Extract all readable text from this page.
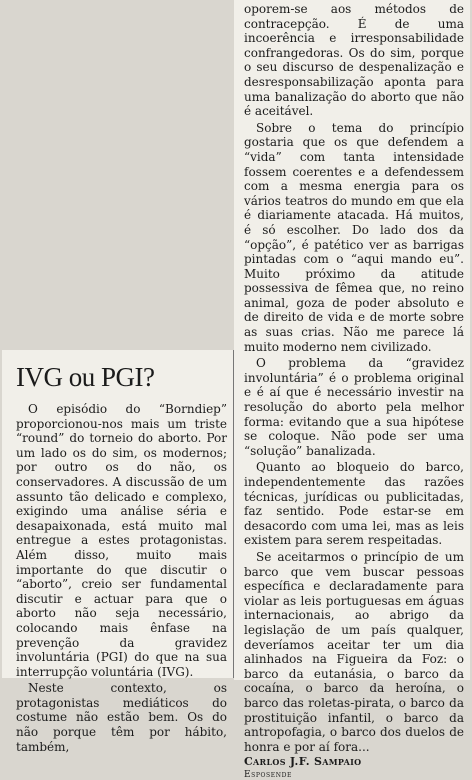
IVG ou PGI?

O episódio do “Borndiep” proporcionou-nos mais um triste “round” do torneio do aborto. Por um lado os do sim, os modernos; por outro os do não, os conservadores. A discussão de um assunto tão delicado e complexo, exigindo uma análise séria e desapaixonada, está muito mal entregue a estes protagonistas. Além disso, muito mais importante do que discutir o “aborto”, creio ser fundamental discutir e actuar para que o aborto não seja necessário, colocando mais ênfase na prevenção da gravidez involuntária (PGI) do que na sua interrupção voluntária (IVG).

Neste contexto, os protagonistas mediáticos do costume não estão bem. Os do não porque têm por hábito, também,

oporem-se aos métodos de contracepção. É de uma incoerência e irresponsabilidade confrangedoras. Os do sim, porque o seu discurso de despenalização e desresponsabilização aponta para uma banalização do aborto que não é aceitável.

Sobre o tema do princípio gostaria que os que defendem a “vida” com tanta intensidade fossem coerentes e a defendessem com a mesma energia para os vários teatros do mundo em que ela é diariamente atacada. Há muitos, é só escolher. Do lado dos da “opção”, é patético ver as barrigas pintadas com o “aqui mando eu”. Muito próximo da atitude possessiva de fêmea que, no reino animal, goza de poder absoluto e de direito de vida e de morte sobre as suas crias. Não me parece lá muito moderno nem civilizado.

O problema da “gravidez involuntária” é o problema original e é aí que é necessário investir na resolução do aborto pela melhor forma: evitando que a sua hipótese se coloque. Não pode ser uma “solução” banalizada.

Quanto ao bloqueio do barco, independentemente das razões técnicas, jurídicas ou publicitadas, faz sentido. Pode estar-se em desacordo com uma lei, mas as leis existem para serem respeitadas.

Se aceitarmos o princípio de um barco que vem buscar pessoas específica e declaradamente para violar as leis portuguesas em águas internacionais, ao abrigo da legislação de um país qualquer, deveríamos aceitar ter um dia alinhados na Figueira da Foz: o barco da eutanásia, o barco da cocaína, o barco da heroína, o barco das roletas-pirata, o barco da prostituição infantil, o barco da antropofagia, o barco dos duelos de honra e por aí fora...

Carlos J.F. Sampaio
Esposende
